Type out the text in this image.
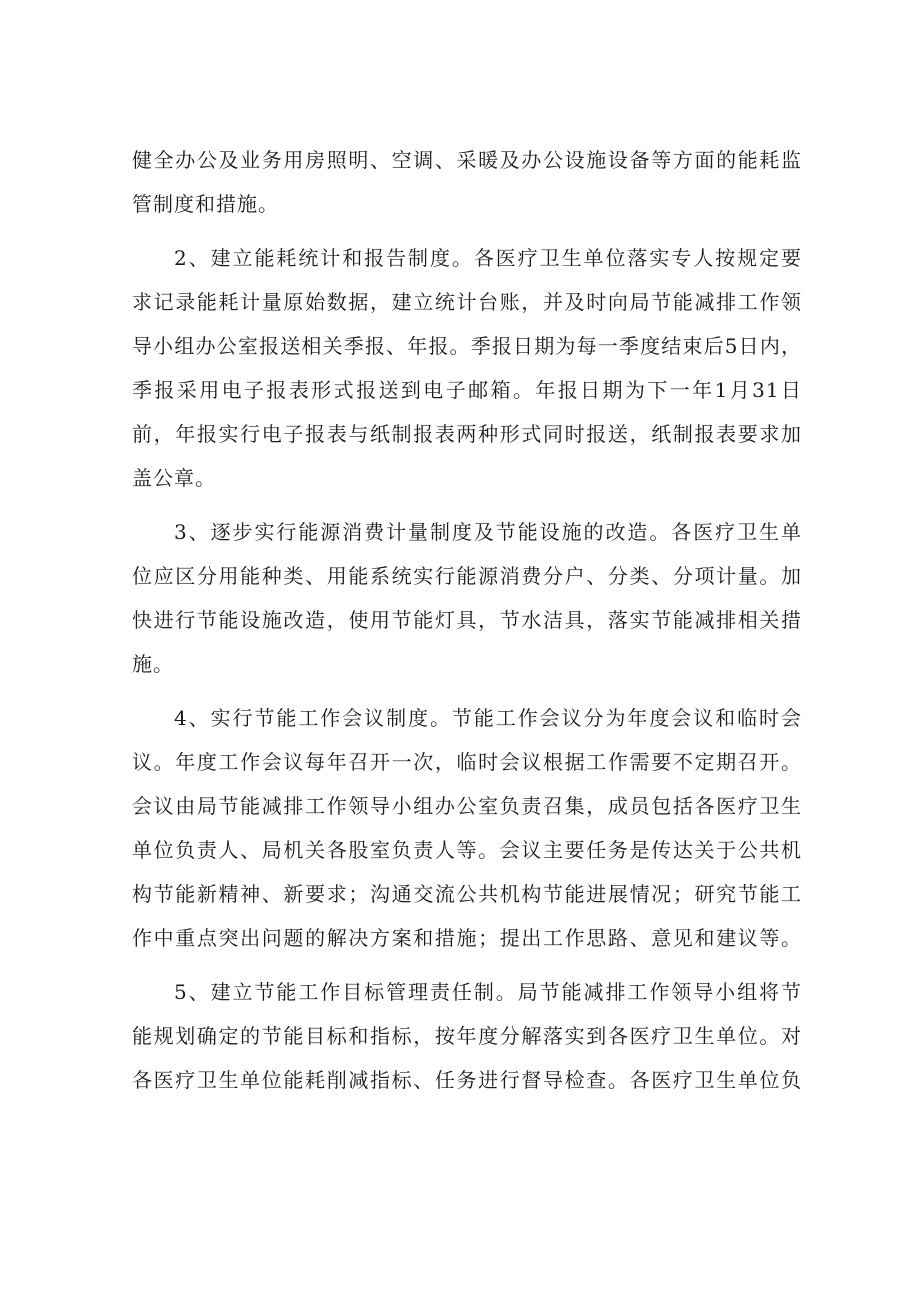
健全办公及业务用房照明、空调、采暖及办公设施设备等方面的能耗监
管制度和措施。
2、建立能耗统计和报告制度。各医疗卫生单位落实专人按规定要
求记录能耗计量原始数据，建立统计台账，并及时向局节能减排工作领
导小组办公室报送相关季报、年报。季报日期为每一季度结束后5日内，
季报采用电子报表形式报送到电子邮箱。年报日期为下一年1月31日
前，年报实行电子报表与纸制报表两种形式同时报送，纸制报表要求加
盖公章。
3、逐步实行能源消费计量制度及节能设施的改造。各医疗卫生单
位应区分用能种类、用能系统实行能源消费分户、分类、分项计量。加
快进行节能设施改造，使用节能灯具，节水洁具，落实节能减排相关措
施。
4、实行节能工作会议制度。节能工作会议分为年度会议和临时会
议。年度工作会议每年召开一次，临时会议根据工作需要不定期召开。
会议由局节能减排工作领导小组办公室负责召集，成员包括各医疗卫生
单位负责人、局机关各股室负责人等。会议主要任务是传达关于公共机
构节能新精神、新要求；沟通交流公共机构节能进展情况；研究节能工
作中重点突出问题的解决方案和措施；提出工作思路、意见和建议等。
5、建立节能工作目标管理责任制。局节能减排工作领导小组将节
能规划确定的节能目标和指标，按年度分解落实到各医疗卫生单位。对
各医疗卫生单位能耗削减指标、任务进行督导检查。各医疗卫生单位负
